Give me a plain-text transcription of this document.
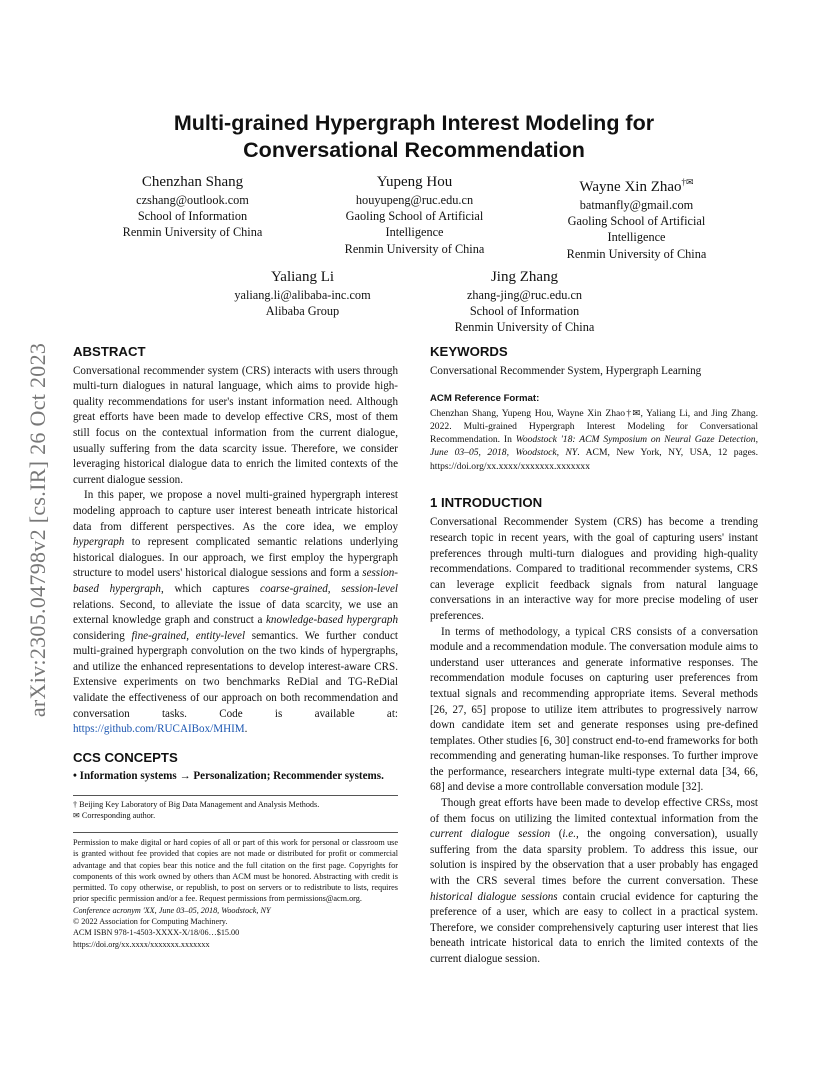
arXiv:2305.04798v2 [cs.IR] 26 Oct 2023
Multi-grained Hypergraph Interest Modeling for
Conversational Recommendation
Chenzhan Shang
czshang@outlook.com
School of Information
Renmin University of China
Yupeng Hou
houyupeng@ruc.edu.cn
Gaoling School of Artificial
Intelligence
Renmin University of China
Wayne Xin Zhao†✉
batmanfly@gmail.com
Gaoling School of Artificial
Intelligence
Renmin University of China
Yaliang Li
yaliang.li@alibaba-inc.com
Alibaba Group
Jing Zhang
zhang-jing@ruc.edu.cn
School of Information
Renmin University of China
ABSTRACT

Conversational recommender system (CRS) interacts with users through multi-turn dialogues in natural language, which aims to provide high-quality recommendations for user's instant information need. Although great efforts have been made to develop effective CRS, most of them still focus on the contextual information from the current dialogue, usually suffering from the data scarcity issue. Therefore, we consider leveraging historical dialogue data to enrich the limited contexts of the current dialogue session.

In this paper, we propose a novel multi-grained hypergraph interest modeling approach to capture user interest beneath intricate historical data from different perspectives. As the core idea, we employ hypergraph to represent complicated semantic relations underlying historical dialogues. In our approach, we first employ the hypergraph structure to model users' historical dialogue sessions and form a session-based hypergraph, which captures coarse-grained, session-level relations. Second, to alleviate the issue of data scarcity, we use an external knowledge graph and construct a knowledge-based hypergraph considering fine-grained, entity-level semantics. We further conduct multi-grained hypergraph convolution on the two kinds of hypergraphs, and utilize the enhanced representations to develop interest-aware CRS. Extensive experiments on two benchmarks ReDial and TG-ReDial validate the effectiveness of our approach on both recommendation and conversation tasks. Code is available at: https://github.com/RUCAIBox/MHIM.

CCS CONCEPTS
• Information systems → Personalization; Recommender systems.
† Beijing Key Laboratory of Big Data Management and Analysis Methods.
✉ Corresponding author.
Permission to make digital or hard copies of all or part of this work for personal or classroom use is granted without fee provided that copies are not made or distributed for profit or commercial advantage and that copies bear this notice and the full citation on the first page. Copyrights for components of this work owned by others than ACM must be honored. Abstracting with credit is permitted. To copy otherwise, or republish, to post on servers or to redistribute to lists, requires prior specific permission and/or a fee. Request permissions from permissions@acm.org.
Conference acronym 'XX, June 03–05, 2018, Woodstock, NY
© 2022 Association for Computing Machinery.
ACM ISBN 978-1-4503-XXXX-X/18/06…$15.00
https://doi.org/xx.xxxx/xxxxxxx.xxxxxxx
KEYWORDS

Conversational Recommender System, Hypergraph Learning

ACM Reference Format:
Chenzhan Shang, Yupeng Hou, Wayne Xin Zhao†✉, Yaliang Li, and Jing Zhang. 2022. Multi-grained Hypergraph Interest Modeling for Conversational Recommendation. In Woodstock '18: ACM Symposium on Neural Gaze Detection, June 03–05, 2018, Woodstock, NY. ACM, New York, NY, USA, 12 pages. https://doi.org/xx.xxxx/xxxxxxx.xxxxxxx
1 INTRODUCTION

Conversational Recommender System (CRS) has become a trending research topic in recent years, with the goal of capturing users' instant preferences through multi-turn dialogues and providing high-quality recommendations. Compared to traditional recommender systems, CRS can leverage explicit feedback signals from natural language conversations in an interactive way for more precise modeling of user preferences.

In terms of methodology, a typical CRS consists of a conversation module and a recommendation module. The conversation module aims to understand user utterances and generate informative responses. The recommendation module focuses on capturing user preferences from textual signals and recommending appropriate items. Several methods [26, 27, 65] propose to utilize item attributes to progressively narrow down candidate item set and generate responses using pre-defined templates. Other studies [6, 30] construct end-to-end frameworks for both recommending and generating human-like responses. To further improve the performance, researchers integrate multi-type external data [34, 66, 68] and devise a more controllable conversation module [32].

Though great efforts have been made to develop effective CRSs, most of them focus on utilizing the limited contextual information from the current dialogue session (i.e., the ongoing conversation), usually suffering from the data sparsity problem. To address this issue, our solution is inspired by the observation that a user probably has engaged with the CRS several times before the current conversation. These historical dialogue sessions contain crucial evidence for capturing the preference of a user, which are easy to collect in a practical system. Therefore, we consider comprehensively capturing user interest that lies beneath intricate historical data to enrich the limited contexts of the current dialogue session.
